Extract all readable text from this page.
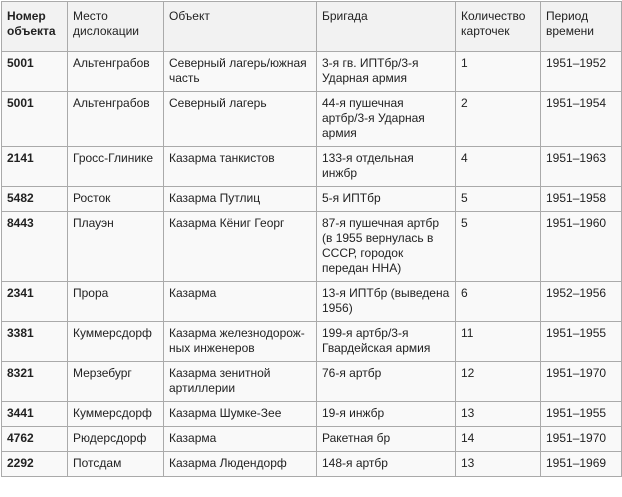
Номер объекта	Место дислокации	Объект	Бригада	Количество карточек	Период времени
5001	Альтенграбов	Северный лагерь/южная часть	3-я гв. ИПТбр/3-я Ударная армия	1	1951–1952
5001	Альтенграбов	Северный лагерь	44-я пушечная артбр/3-я Ударная армия	2	1951–1954
2141	Гросс-Глинике	Казарма танкистов	133-я отдельная инжбр	4	1951–1963
5482	Росток	Казарма Путлиц	5-я ИПТбр	5	1951–1958
8443	Плауэн	Казарма Кёниг Георг	87-я пушечная артбр (в 1955 вернулась в СССР, городок передан ННА)	5	1951–1960
2341	Прора	Казарма	13-я ИПТбр (выведена 1956)	6	1952–1956
3381	Куммерсдорф	Казарма железнодорож-ных инженеров	199-я артбр/3-я Гвардейская армия	11	1951–1955
8321	Мерзебург	Казарма зенитной артиллерии	76-я артбр	12	1951–1970
3441	Куммерсдорф	Казарма Шумке-Зее	19-я инжбр	13	1951–1955
4762	Рюдерсдорф	Казарма	Ракетная бр	14	1951–1970
2292	Потсдам	Казарма Людендорф	148-я артбр	13	1951–1969
